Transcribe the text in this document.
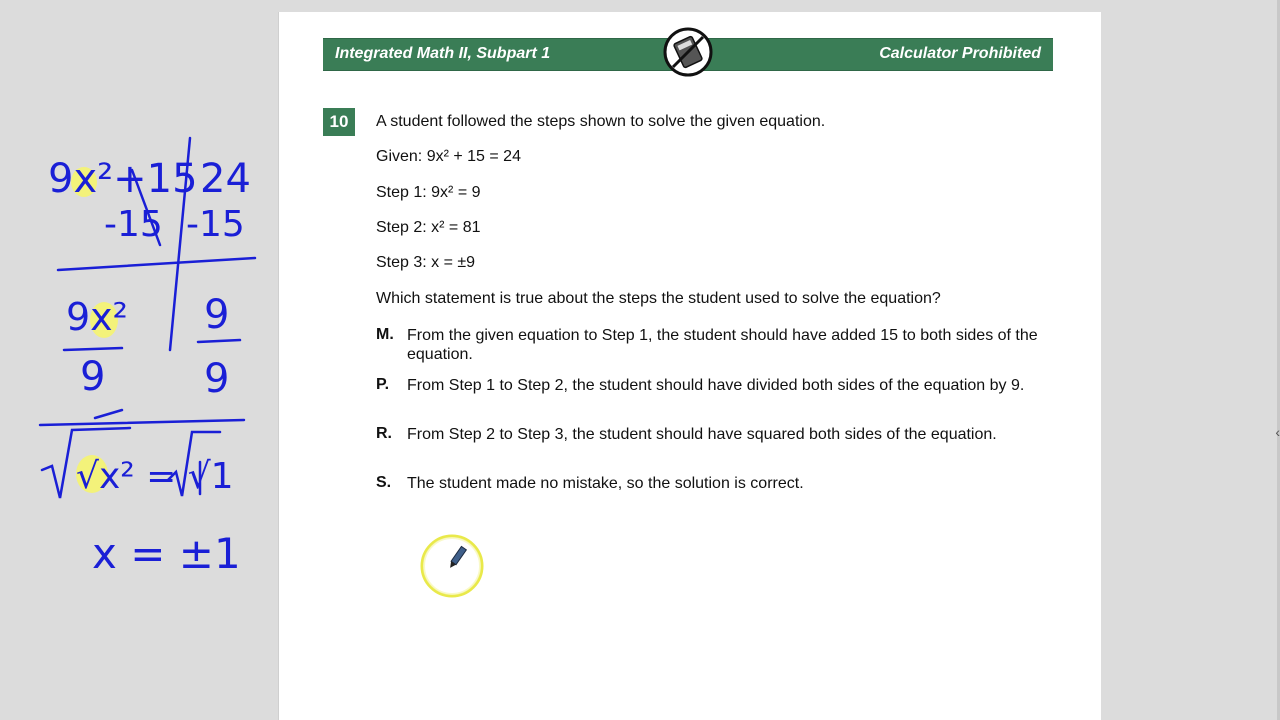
9x²+15 24
-15 -15
9x²
9
9
9
√x² = √1
x = ±1
Integrated Math II, Subpart 1	Calculator Prohibited
10	A student followed the steps shown to solve the given equation.
Given: 9x² + 15 = 24
Step 1: 9x² = 9
Step 2: x² = 81
Step 3: x = ±9
Which statement is true about the steps the student used to solve the equation?
M. From the given equation to Step 1, the student should have added 15 to both sides of the equation.
P. From Step 1 to Step 2, the student should have divided both sides of the equation by 9.
R. From Step 2 to Step 3, the student should have squared both sides of the equation.
S. The student made no mistake, so the solution is correct.
‹
